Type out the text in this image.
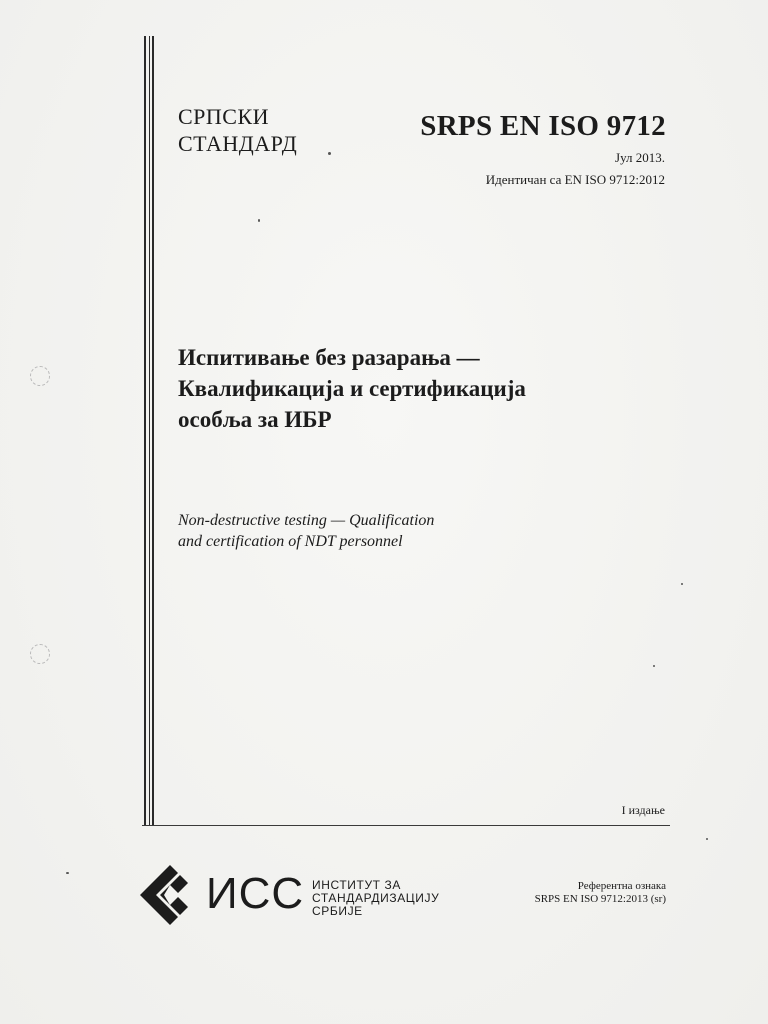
СРПСКИ
СТАНДАРД
SRPS EN ISO 9712
Јул 2013.
Идентичан са EN ISO 9712:2012
Испитивање без разарања —
Квалификација и сертификација
особља за ИБР
Non-destructive testing — Qualification
and certification of NDT personnel
I издање
ИСС ИНСТИТУТ ЗА
СТАНДАРДИЗАЦИЈУ
СРБИЈЕ
Референтна ознака
SRPS EN ISO 9712:2013 (sr)
